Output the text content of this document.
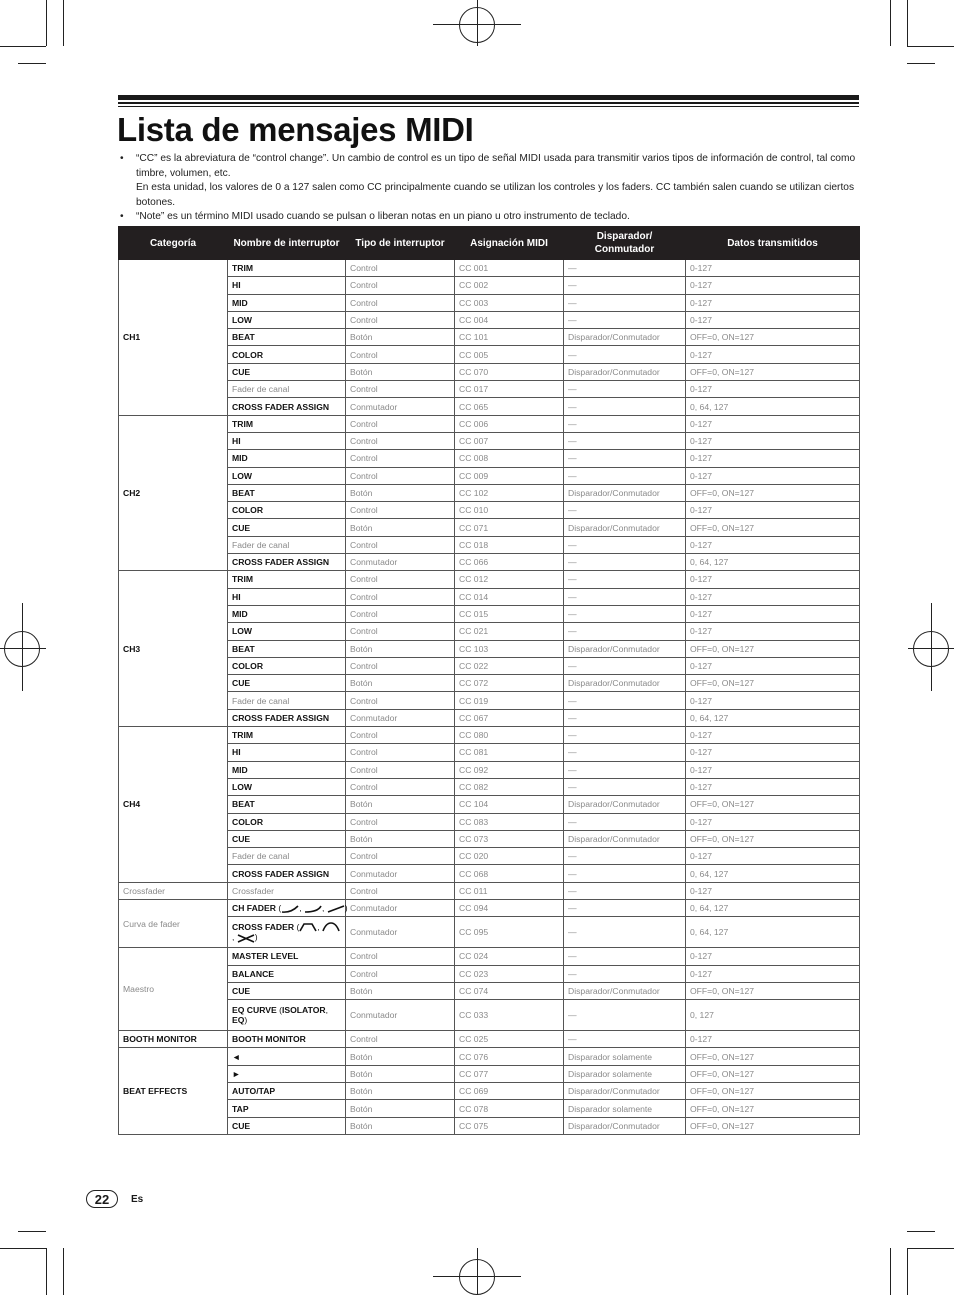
Lista de mensajes MIDI
• “CC” es la abreviatura de “control change”. Un cambio de control es un tipo de señal MIDI usada para transmitir varios tipos de información de control, tal como timbre, volumen, etc.
En esta unidad, los valores de 0 a 127 salen como CC principalmente cuando se utilizan los controles y los faders. CC también salen cuando se utilizan ciertos botones.
• “Note” es un término MIDI usado cuando se pulsan o liberan notas en un piano u otro instrumento de teclado.
Categoría	Nombre de interruptor	Tipo de interruptor	Asignación MIDI	Disparador/ Conmutador	Datos transmitidos
CH1	TRIM	Control	CC 001	—	0-127
	HI	Control	CC 002	—	0-127
	MID	Control	CC 003	—	0-127
	LOW	Control	CC 004	—	0-127
	BEAT	Botón	CC 101	Disparador/Conmutador	OFF=0, ON=127
	COLOR	Control	CC 005	—	0-127
	CUE	Botón	CC 070	Disparador/Conmutador	OFF=0, ON=127
	Fader de canal	Control	CC 017	—	0-127
	CROSS FADER ASSIGN	Conmutador	CC 065	—	0, 64, 127
CH2	TRIM	Control	CC 006	—	0-127
	HI	Control	CC 007	—	0-127
	MID	Control	CC 008	—	0-127
	LOW	Control	CC 009	—	0-127
	BEAT	Botón	CC 102	Disparador/Conmutador	OFF=0, ON=127
	COLOR	Control	CC 010	—	0-127
	CUE	Botón	CC 071	Disparador/Conmutador	OFF=0, ON=127
	Fader de canal	Control	CC 018	—	0-127
	CROSS FADER ASSIGN	Conmutador	CC 066	—	0, 64, 127
CH3	TRIM	Control	CC 012	—	0-127
	HI	Control	CC 014	—	0-127
	MID	Control	CC 015	—	0-127
	LOW	Control	CC 021	—	0-127
	BEAT	Botón	CC 103	Disparador/Conmutador	OFF=0, ON=127
	COLOR	Control	CC 022	—	0-127
	CUE	Botón	CC 072	Disparador/Conmutador	OFF=0, ON=127
	Fader de canal	Control	CC 019	—	0-127
	CROSS FADER ASSIGN	Conmutador	CC 067	—	0, 64, 127
CH4	TRIM	Control	CC 080	—	0-127
	HI	Control	CC 081	—	0-127
	MID	Control	CC 092	—	0-127
	LOW	Control	CC 082	—	0-127
	BEAT	Botón	CC 104	Disparador/Conmutador	OFF=0, ON=127
	COLOR	Control	CC 083	—	0-127
	CUE	Botón	CC 073	Disparador/Conmutador	OFF=0, ON=127
	Fader de canal	Control	CC 020	—	0-127
	CROSS FADER ASSIGN	Conmutador	CC 068	—	0, 64, 127
Crossfader	Crossfader	Control	CC 011	—	0-127
Curva de fader	CH FADER ( , , )	Conmutador	CC 094	—	0, 64, 127
	CROSS FADER ( , , )	Conmutador	CC 095	—	0, 64, 127
Maestro	MASTER LEVEL	Control	CC 024	—	0-127
	BALANCE	Control	CC 023	—	0-127
	CUE	Botón	CC 074	Disparador/Conmutador	OFF=0, ON=127
	EQ CURVE (ISOLATOR, EQ)	Conmutador	CC 033	—	0, 127
BOOTH MONITOR	BOOTH MONITOR	Control	CC 025	—	0-127
BEAT EFFECTS	◄	Botón	CC 076	Disparador solamente	OFF=0, ON=127
	►	Botón	CC 077	Disparador solamente	OFF=0, ON=127
	AUTO/TAP	Botón	CC 069	Disparador/Conmutador	OFF=0, ON=127
	TAP	Botón	CC 078	Disparador solamente	OFF=0, ON=127
	CUE	Botón	CC 075	Disparador/Conmutador	OFF=0, ON=127
22	Es
